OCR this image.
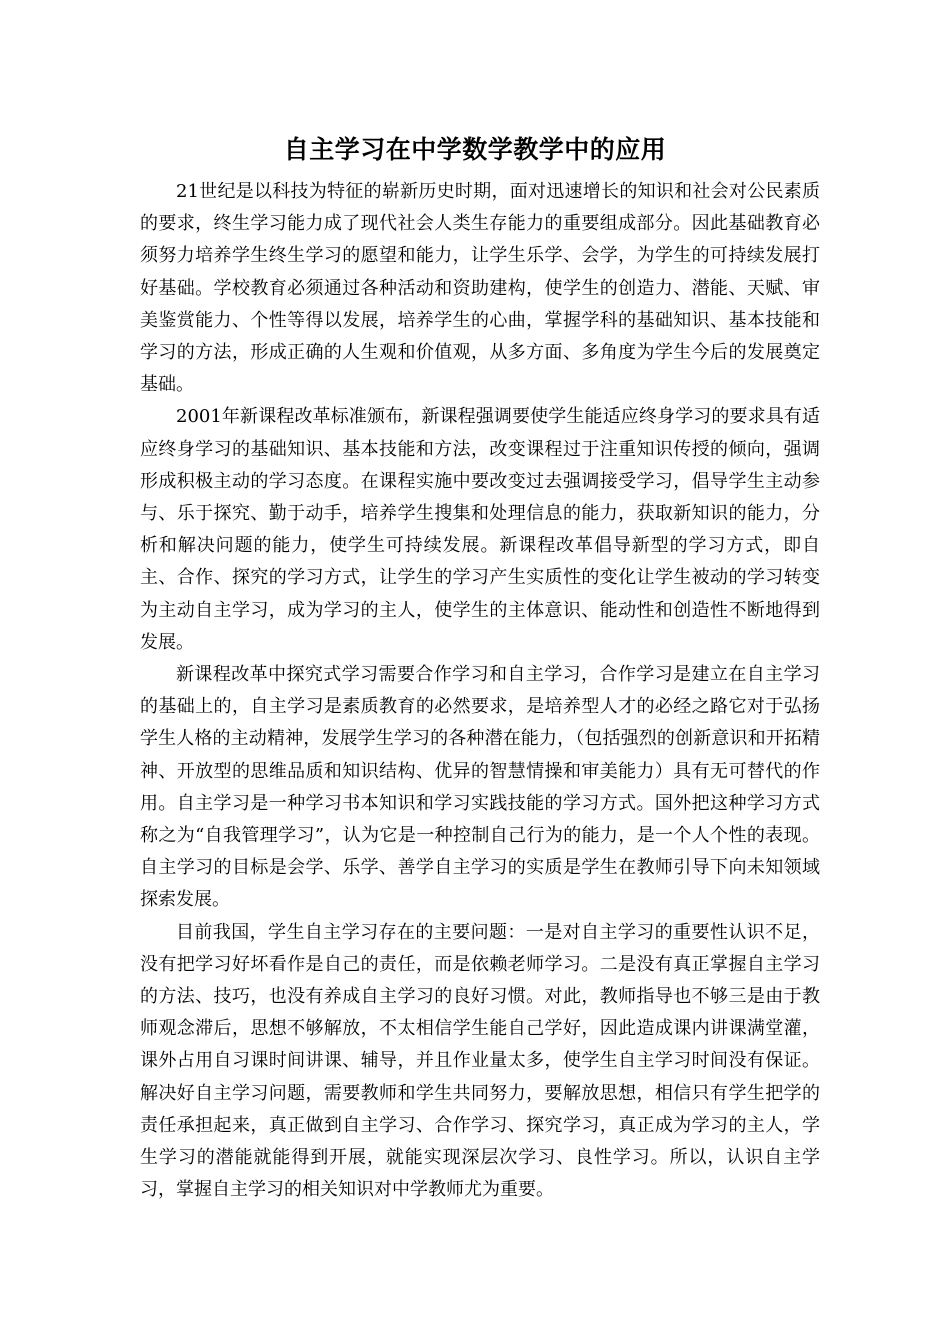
自主学习在中学数学教学中的应用

21世纪是以科技为特征的崭新历史时期，面对迅速增长的知识和社会对公民素质的要求，终生学习能力成了现代社会人类生存能力的重要组成部分。因此基础教育必须努力培养学生终生学习的愿望和能力，让学生乐学、会学，为学生的可持续发展打好基础。学校教育必须通过各种活动和资助建构，使学生的创造力、潜能、天赋、审美鉴赏能力、个性等得以发展，培养学生的心曲，掌握学科的基础知识、基本技能和学习的方法，形成正确的人生观和价值观，从多方面、多角度为学生今后的发展奠定基础。

2001年新课程改革标准颁布，新课程强调要使学生能适应终身学习的要求具有适应终身学习的基础知识、基本技能和方法，改变课程过于注重知识传授的倾向，强调形成积极主动的学习态度。在课程实施中要改变过去强调接受学习，倡导学生主动参与、乐于探究、勤于动手，培养学生搜集和处理信息的能力，获取新知识的能力，分析和解决问题的能力，使学生可持续发展。新课程改革倡导新型的学习方式，即自主、合作、探究的学习方式，让学生的学习产生实质性的变化让学生被动的学习转变为主动自主学习，成为学习的主人，使学生的主体意识、能动性和创造性不断地得到发展。

新课程改革中探究式学习需要合作学习和自主学习，合作学习是建立在自主学习的基础上的，自主学习是素质教育的必然要求，是培养型人才的必经之路它对于弘扬学生人格的主动精神，发展学生学习的各种潜在能力，（包括强烈的创新意识和开拓精神、开放型的思维品质和知识结构、优异的智慧情操和审美能力）具有无可替代的作用。自主学习是一种学习书本知识和学习实践技能的学习方式。国外把这种学习方式称之为“自我管理学习”，认为它是一种控制自己行为的能力，是一个人个性的表现。自主学习的目标是会学、乐学、善学自主学习的实质是学生在教师引导下向未知领域探索发展。

目前我国，学生自主学习存在的主要问题：一是对自主学习的重要性认识不足，没有把学习好坏看作是自己的责任，而是依赖老师学习。二是没有真正掌握自主学习的方法、技巧，也没有养成自主学习的良好习惯。对此，教师指导也不够三是由于教师观念滞后，思想不够解放，不太相信学生能自己学好，因此造成课内讲课满堂灌，课外占用自习课时间讲课、辅导，并且作业量太多，使学生自主学习时间没有保证。解决好自主学习问题，需要教师和学生共同努力，要解放思想，相信只有学生把学的责任承担起来，真正做到自主学习、合作学习、探究学习，真正成为学习的主人，学生学习的潜能就能得到开展，就能实现深层次学习、良性学习。所以，认识自主学习，掌握自主学习的相关知识对中学教师尤为重要。
